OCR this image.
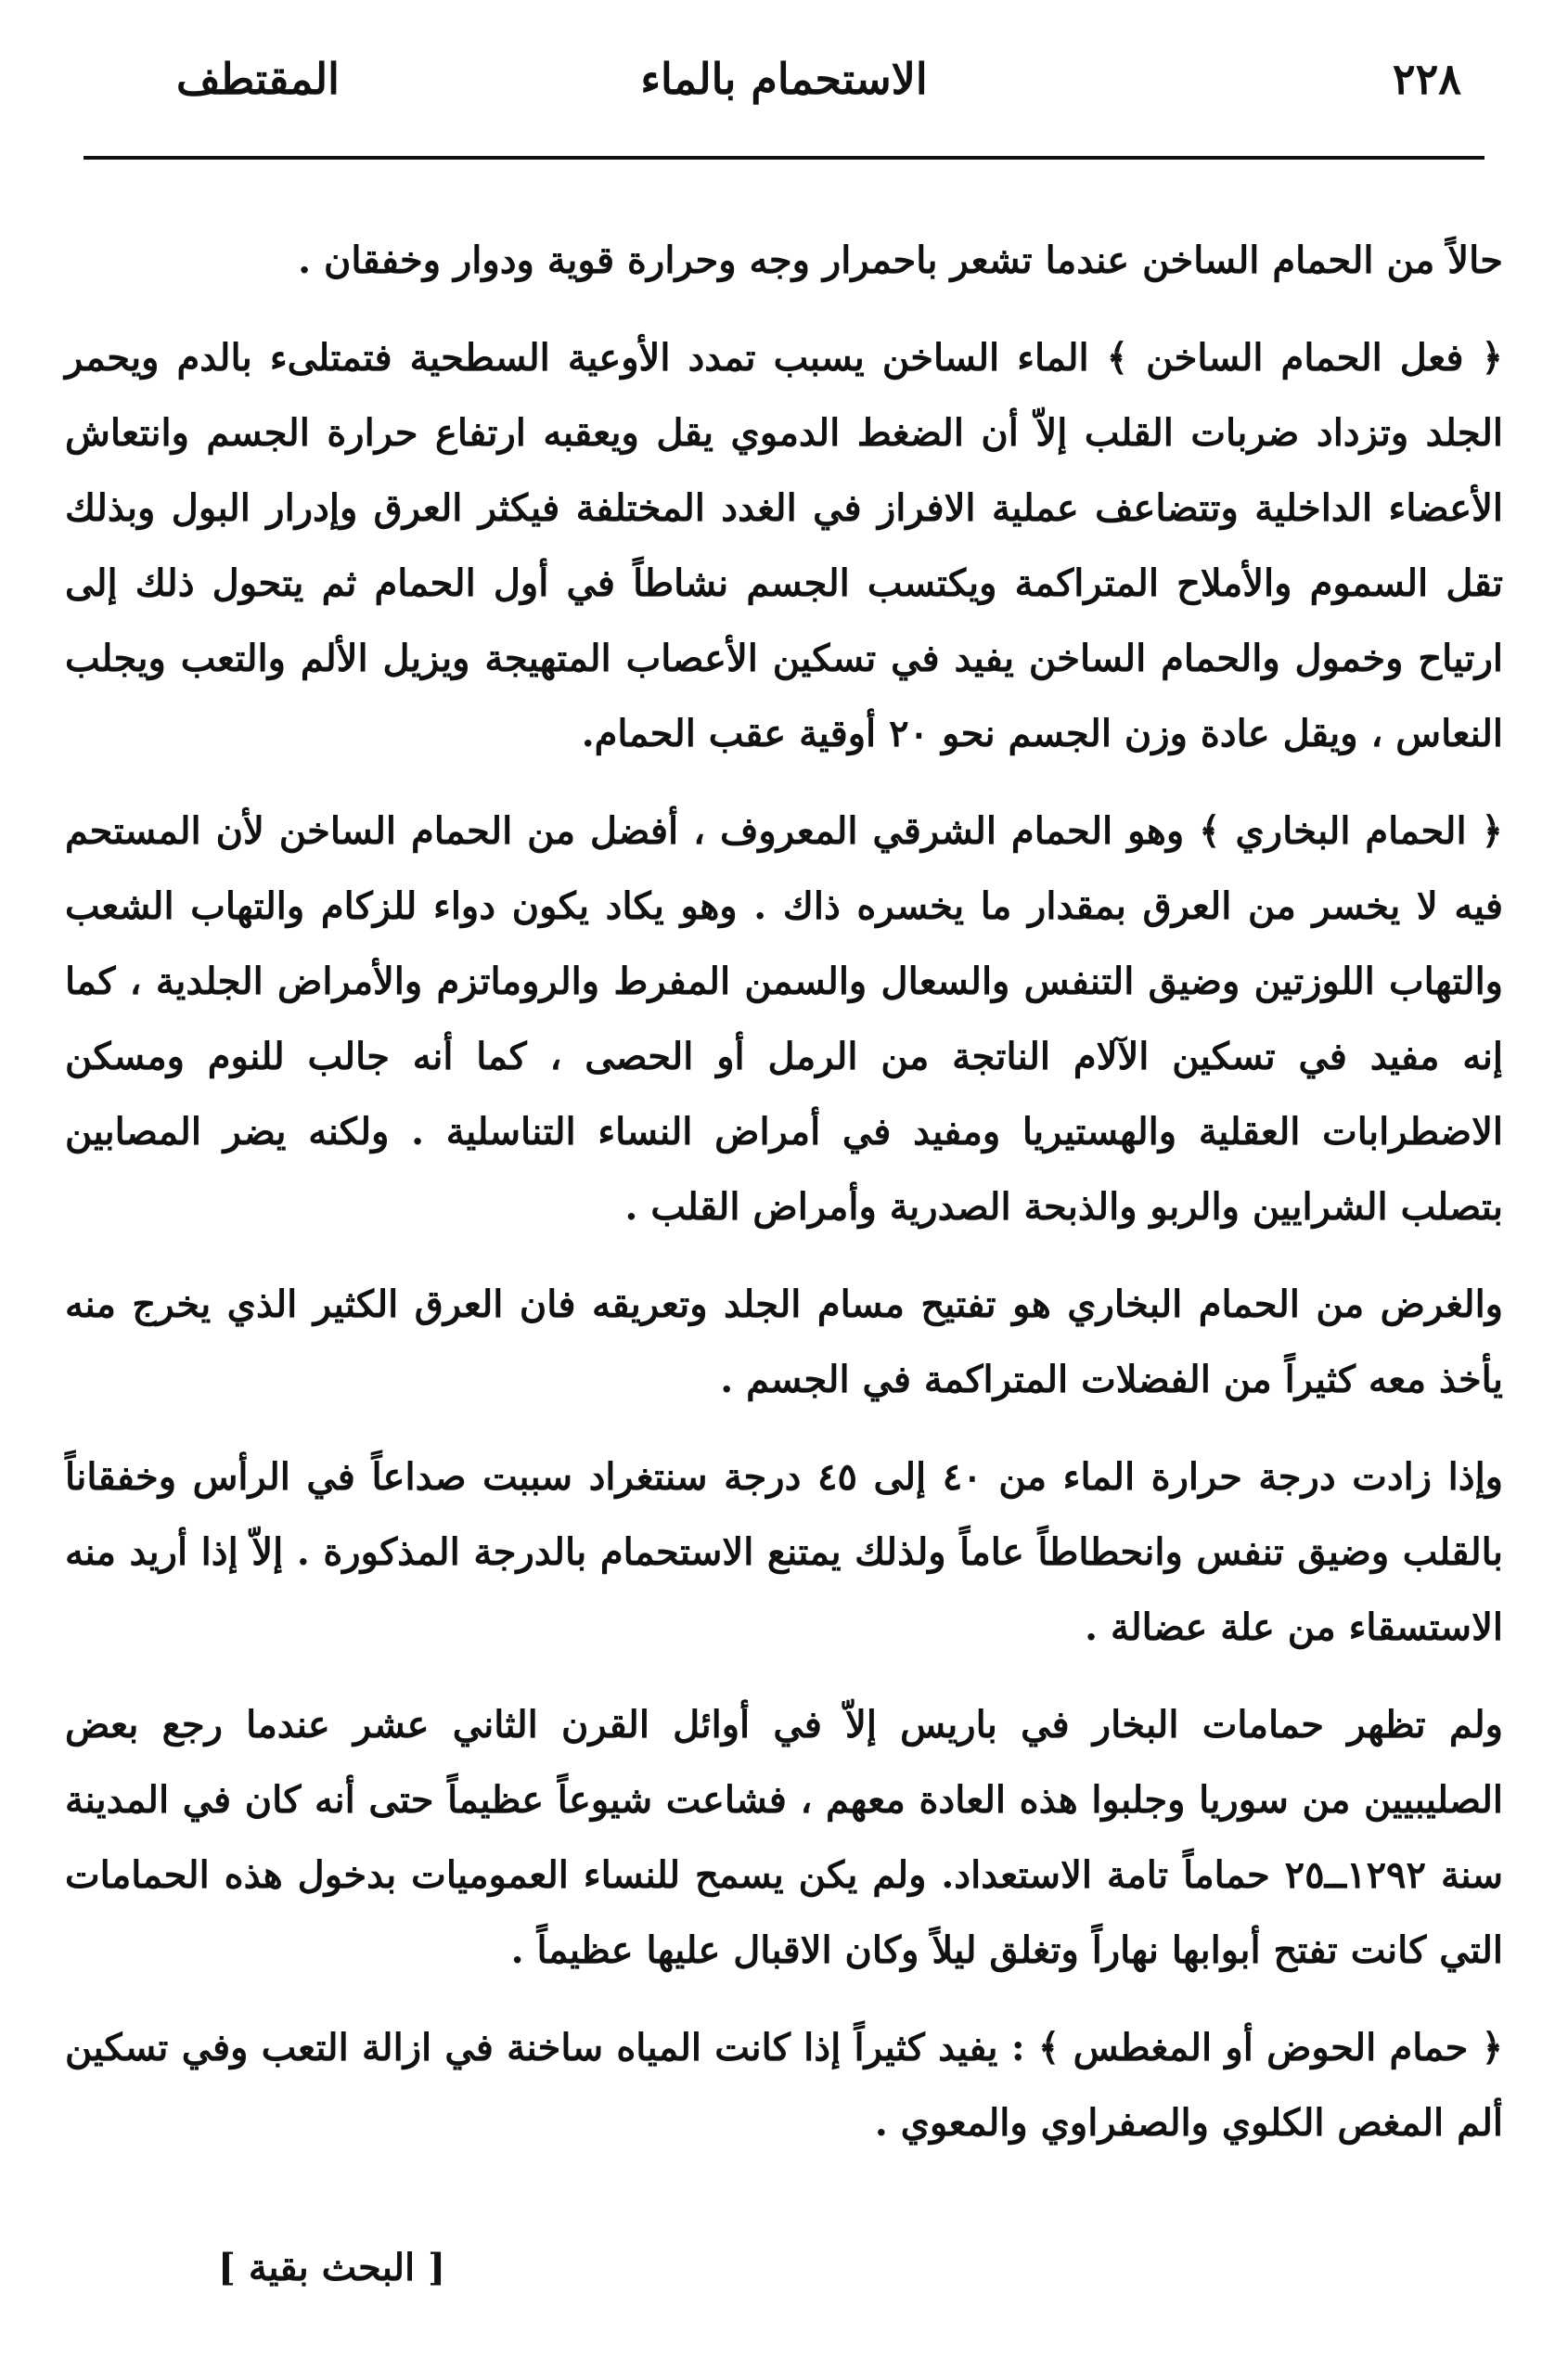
٢٢٨
الاستحمام بالماء
المقتطف

حالاً من الحمام الساخن عندما تشعر باحمرار وجه وحرارة قوية ودوار وخفقان .

﴿ فعل الحمام الساخن ﴾ الماء الساخن يسبب تمدد الأوعية السطحية فتمتلىء بالدم ويحمر الجلد وتزداد ضربات القلب إلاّ أن الضغط الدموي يقل ويعقبه ارتفاع حرارة الجسم وانتعاش الأعضاء الداخلية وتتضاعف عملية الافراز في الغدد المختلفة فيكثر العرق وإدرار البول وبذلك تقل السموم والأملاح المتراكمة ويكتسب الجسم نشاطاً في أول الحمام ثم يتحول ذلك إلى ارتياح وخمول والحمام الساخن يفيد في تسكين الأعصاب المتهيجة ويزيل الألم والتعب ويجلب النعاس ، ويقل عادة وزن الجسم نحو ٢٠ أوقية عقب الحمام.

﴿ الحمام البخاري ﴾ وهو الحمام الشرقي المعروف ، أفضل من الحمام الساخن لأن المستحم فيه لا يخسر من العرق بمقدار ما يخسره ذاك . وهو يكاد يكون دواء للزكام والتهاب الشعب والتهاب اللوزتين وضيق التنفس والسعال والسمن المفرط والروماتزم والأمراض الجلدية ، كما إنه مفيد في تسكين الآلام الناتجة من الرمل أو الحصى ، كما أنه جالب للنوم ومسكن الاضطرابات العقلية والهستيريا ومفيد في أمراض النساء التناسلية . ولكنه يضر المصابين بتصلب الشرايين والربو والذبحة الصدرية وأمراض القلب .

والغرض من الحمام البخاري هو تفتيح مسام الجلد وتعريقه فان العرق الكثير الذي يخرج منه يأخذ معه كثيراً من الفضلات المتراكمة في الجسم .

وإذا زادت درجة حرارة الماء من ٤٠ إلى ٤٥ درجة سنتغراد سببت صداعاً في الرأس وخفقاناً بالقلب وضيق تنفس وانحطاطاً عاماً ولذلك يمتنع الاستحمام بالدرجة المذكورة . إلاّ إذا أريد منه الاستسقاء من علة عضالة .

ولم تظهر حمامات البخار في باريس إلاّ في أوائل القرن الثاني عشر عندما رجع بعض الصليبيين من سوريا وجلبوا هذه العادة معهم ، فشاعت شيوعاً عظيماً حتى أنه كان في المدينة سنة ١٢٩٢ــ٢٥ حماماً تامة الاستعداد. ولم يكن يسمح للنساء العموميات بدخول هذه الحمامات التي كانت تفتح أبوابها نهاراً وتغلق ليلاً وكان الاقبال عليها عظيماً .

﴿ حمام الحوض أو المغطس ﴾ : يفيد كثيراً إذا كانت المياه ساخنة في ازالة التعب وفي تسكين ألم المغص الكلوي والصفراوي والمعوي .

[ البحث بقية ]
